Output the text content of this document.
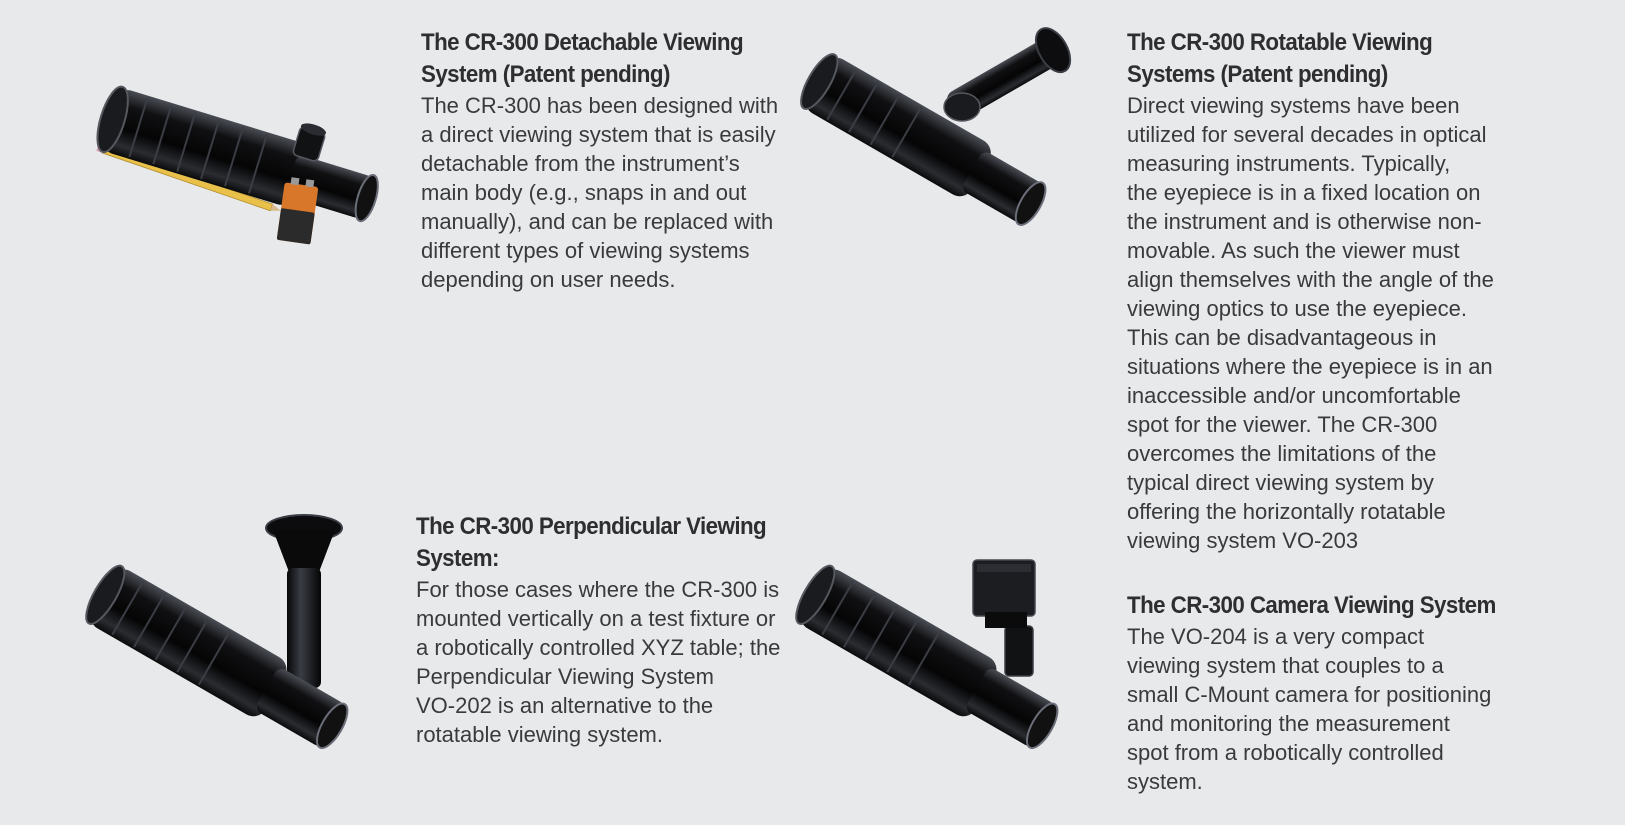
The CR-300 Detachable Viewing
System (Patent pending)

The CR-300 has been designed with
a direct viewing system that is easily
detachable from the instrument’s
main body (e.g., snaps in and out
manually), and can be replaced with
different types of viewing systems
depending on user needs.

The CR-300 Rotatable Viewing
Systems (Patent pending)

Direct viewing systems have been
utilized for several decades in optical
measuring instruments. Typically,
the eyepiece is in a fixed location on
the instrument and is otherwise non-
movable. As such the viewer must
align themselves with the angle of the
viewing optics to use the eyepiece.
This can be disadvantageous in
situations where the eyepiece is in an
inaccessible and/or uncomfortable
spot for the viewer. The CR-300
overcomes the limitations of the
typical direct viewing system by
offering the horizontally rotatable
viewing system VO-203

The CR-300 Perpendicular Viewing
System:

For those cases where the CR-300 is
mounted vertically on a test fixture or
a robotically controlled XYZ table; the
Perpendicular Viewing System
VO-202 is an alternative to the
rotatable viewing system.

The CR-300 Camera Viewing System

The VO-204 is a very compact
viewing system that couples to a
small C-Mount camera for positioning
and monitoring the measurement
spot from a robotically controlled
system.
